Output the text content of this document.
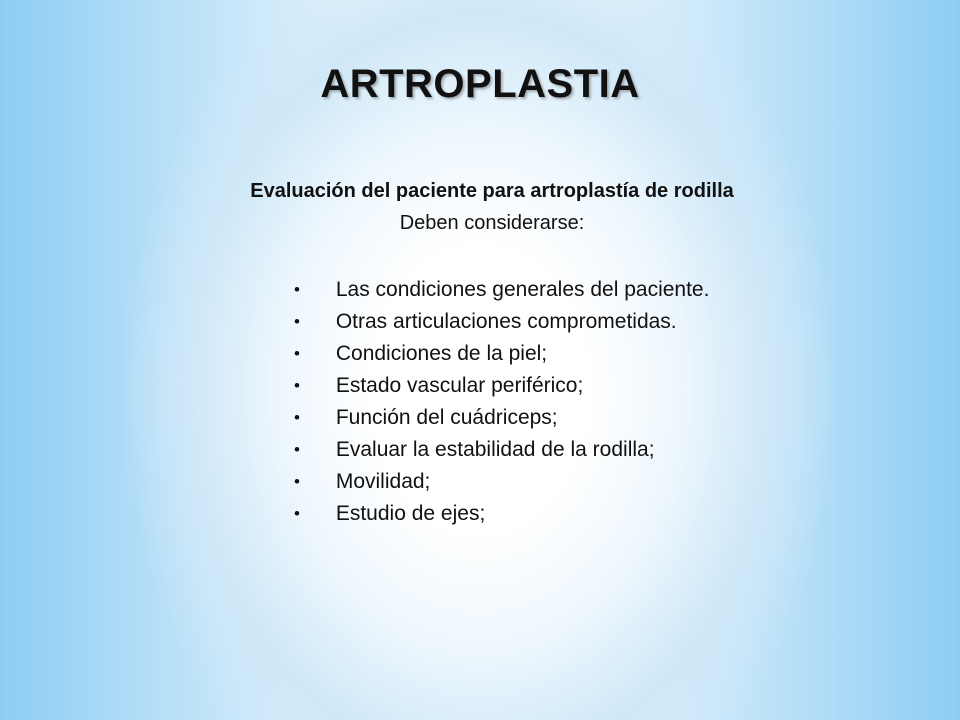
ARTROPLASTIA
Evaluación del paciente para artroplastía de rodilla
Deben considerarse:
• Las condiciones generales del paciente.
• Otras articulaciones comprometidas.
• Condiciones de la piel;
• Estado vascular periférico;
• Función del cuádriceps;
• Evaluar la estabilidad de la rodilla;
• Movilidad;
• Estudio de ejes;
